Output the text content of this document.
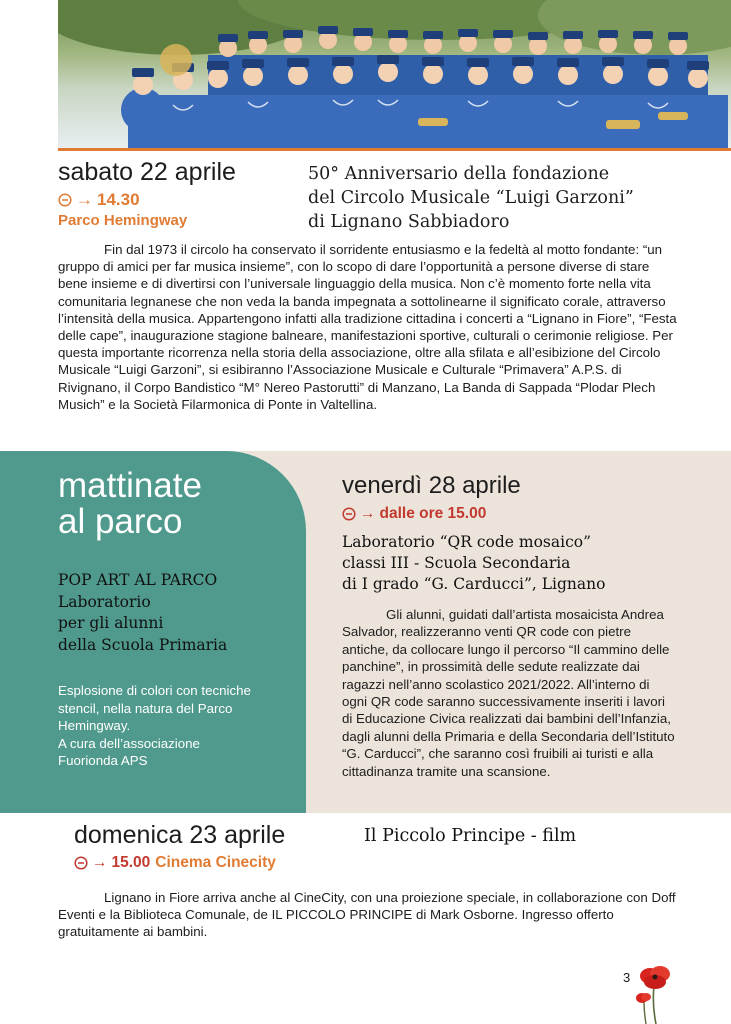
sabato 22 aprile
→ 14.30
Parco Hemingway
50° Anniversario della fondazione
del Circolo Musicale “Luigi Garzoni”
di Lignano Sabbiadoro
Fin dal 1973 il circolo ha conservato il sorridente entusiasmo e la fedeltà al motto fondante: “un gruppo di amici per far musica insieme”, con lo scopo di dare l’opportunità a persone diverse di stare bene insieme e di divertirsi con l’universale linguaggio della musica. Non c’è momento forte nella vita comunitaria legnanese che non veda la banda impegnata a sottolinearne il significato corale, attraverso l’intensità della musica. Appartengono infatti alla tradizione cittadina i concerti a “Lignano in Fiore”, “Festa delle cape”, inaugurazione stagione balneare, manifestazioni sportive, culturali o cerimonie religiose. Per questa importante ricorrenza nella storia della associazione, oltre alla sfilata e all’esibizione del Circolo Musicale “Luigi Garzoni”, si esibiranno l’Associazione Musicale e Culturale “Primavera” A.P.S. di Rivignano, il Corpo Bandistico “M° Nereo Pastorutti” di Manzano, La Banda di Sappada “Plodar Plech Musich” e la Società Filarmonica di Ponte in Valtellina.
mattinate
al parco
POP ART AL PARCO
Laboratorio
per gli alunni
della Scuola Primaria
Esplosione di colori con tecniche
stencil, nella natura del Parco
Hemingway.
A cura dell’associazione
Fuorionda APS
venerdì 28 aprile
→ dalle ore 15.00
Laboratorio “QR code mosaico”
classi III - Scuola Secondaria
di I grado “G. Carducci”, Lignano
Gli alunni, guidati dall’artista mosaicista Andrea Salvador, realizzeranno venti QR code con pietre antiche, da collocare lungo il percorso “Il cammino delle panchine”, in prossimità delle sedute realizzate dai ragazzi nell’anno scolastico 2021/2022. All’interno di ogni QR code saranno successivamente inseriti i lavori di Educazione Civica realizzati dai bambini dell’Infanzia, dagli alunni della Primaria e della Secondaria dell’Istituto “G. Carducci”, che saranno così fruibili ai turisti e alla cittadinanza tramite una scansione.
domenica 23 aprile
→ 15.00 Cinema Cinecity
Il Piccolo Principe - film
Lignano in Fiore arriva anche al CineCity, con una proiezione speciale, in collaborazione con Doff Eventi e la Biblioteca Comunale, de IL PICCOLO PRINCIPE di Mark Osborne. Ingresso offerto gratuitamente ai bambini.
3
